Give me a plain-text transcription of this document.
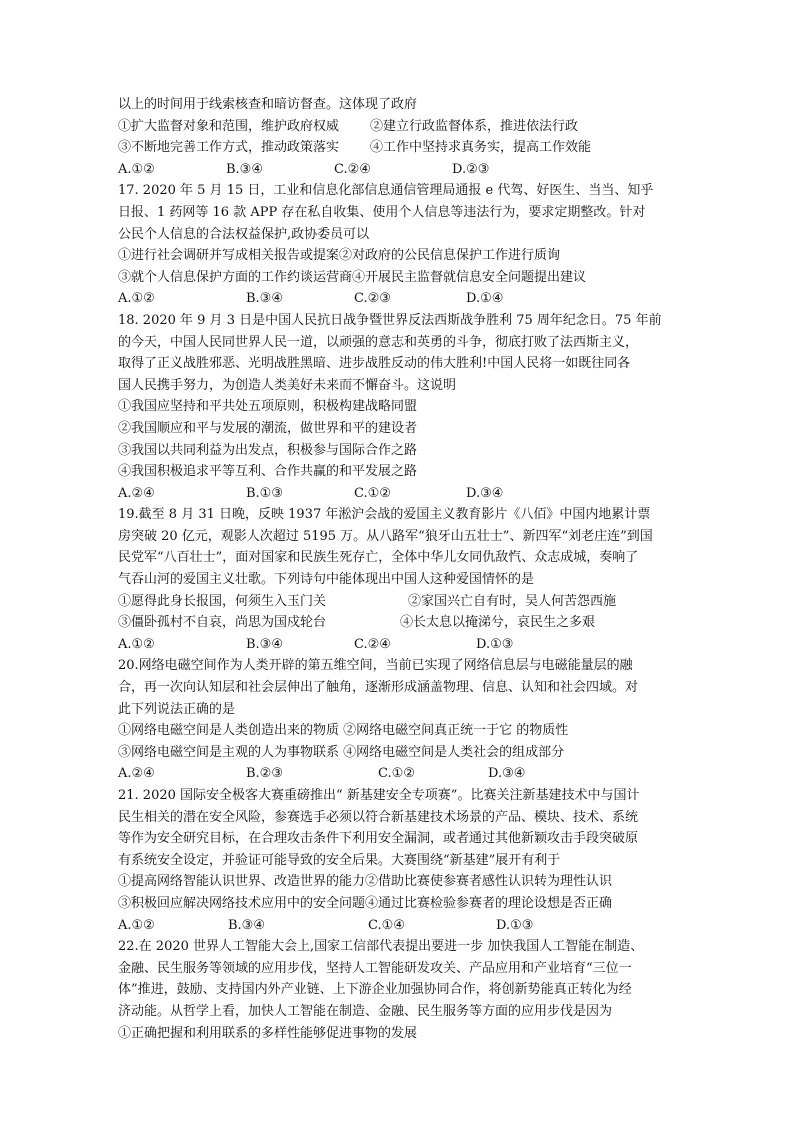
以上的时间用于线索核查和暗访督查。这体现了政府
①扩大监督对象和范围，维护政府权威	②建立行政监督体系，推进依法行政
③不断地完善工作方式，推动政策落实	④工作中坚持求真务实，提高工作效能
A.①②	B.③④	C.②④	D.②③
17. 2020 年 5 月 15 日，工业和信息化部信息通信管理局通报 e 代驾、好医生、当当、知乎
日报、1 药网等 16 款 APP 存在私自收集、使用个人信息等违法行为，要求定期整改。针对
公民个人信息的合法权益保护,政协委员可以
①进行社会调研并写成相关报告或提案②对政府的公民信息保护工作进行质询
③就个人信息保护方面的工作约谈运营商④开展民主监督就信息安全问题提出建议
A.①②	B.③④	C.②③	D.①④
18. 2020 年 9 月 3 日是中国人民抗日战争暨世界反法西斯战争胜利 75 周年纪念日。75 年前
的今天，中国人民同世界人民一道，以顽强的意志和英勇的斗争，彻底打败了法西斯主义，
取得了正义战胜邪恶、光明战胜黑暗、进步战胜反动的伟大胜利!中国人民将一如既往同各
国人民携手努力，为创造人类美好未来而不懈奋斗。这说明
①我国应坚持和平共处五项原则，积极构建战略同盟
②我国顺应和平与发展的潮流，做世界和平的建设者
③我国以共同利益为出发点，积极参与国际合作之路
④我国积极追求平等互利、合作共赢的和平发展之路
A.②④	B.①③	C.①②	D.③④
19.截至 8 月 31 日晚，反映 1937 年淞沪会战的爱国主义教育影片《八佰》中国内地累计票
房突破 20 亿元，观影人次超过 5195 万。从八路军“狼牙山五壮士”、新四军“刘老庄连”到国
民党军“八百壮士”，面对国家和民族生死存亡，全体中华儿女同仇敌忾、众志成城，奏响了
气吞山河的爱国主义壮歌。下列诗句中能体现出中国人这种爱国情怀的是
①愿得此身长报国，何须生入玉门关	②家国兴亡自有时，吴人何苦怨西施
③僵卧孤村不自哀，尚思为国戍轮台	④长太息以掩涕兮，哀民生之多艰
A.①②	B.③④	C.②④	D.①③
20.网络电磁空间作为人类开辟的第五维空间，当前已实现了网络信息层与电磁能量层的融
合，再一次向认知层和社会层伸出了触角，逐渐形成涵盖物理、信息、认知和社会四域。对
此下列说法正确的是
①网络电磁空间是人类创造出来的物质 ②网络电磁空间真正统一于它 的物质性
③网络电磁空间是主观的人为事物联系 ④网络电磁空间是人类社会的组成部分
A.②④	B.②③	C.①②	D.③④
21. 2020 国际安全极客大赛重磅推出“ 新基建安全专项赛”。比赛关注新基建技术中与国计
民生相关的潜在安全风险，参赛选手必须以符合新基建技术场景的产品、模块、技术、系统
等作为安全研究目标，在合理攻击条件下利用安全漏洞，或者通过其他新颖攻击手段突破原
有系统安全设定，并验证可能导致的安全后果。大赛围绕“新基建”展开有利于
①提高网络智能认识世界、改造世界的能力②借助比赛使参赛者感性认识转为理性认识
③积极回应解决网络技术应用中的安全问题④通过比赛检验参赛者的理论设想是否正确
A.①②	B.③④	C.①④	D.①③
22.在 2020 世界人工智能大会上,国家工信部代表提出要进一步 加快我国人工智能在制造、
金融、民生服务等领域的应用步伐，坚持人工智能研发攻关、产品应用和产业培育“三位一
体”推进，鼓励、支持国内外产业链、上下游企业加强协同合作，将创新势能真正转化为经
济动能。从哲学上看，加快人工智能在制造、金融、民生服务等方面的应用步伐是因为
①正确把握和利用联系的多样性能够促进事物的发展
